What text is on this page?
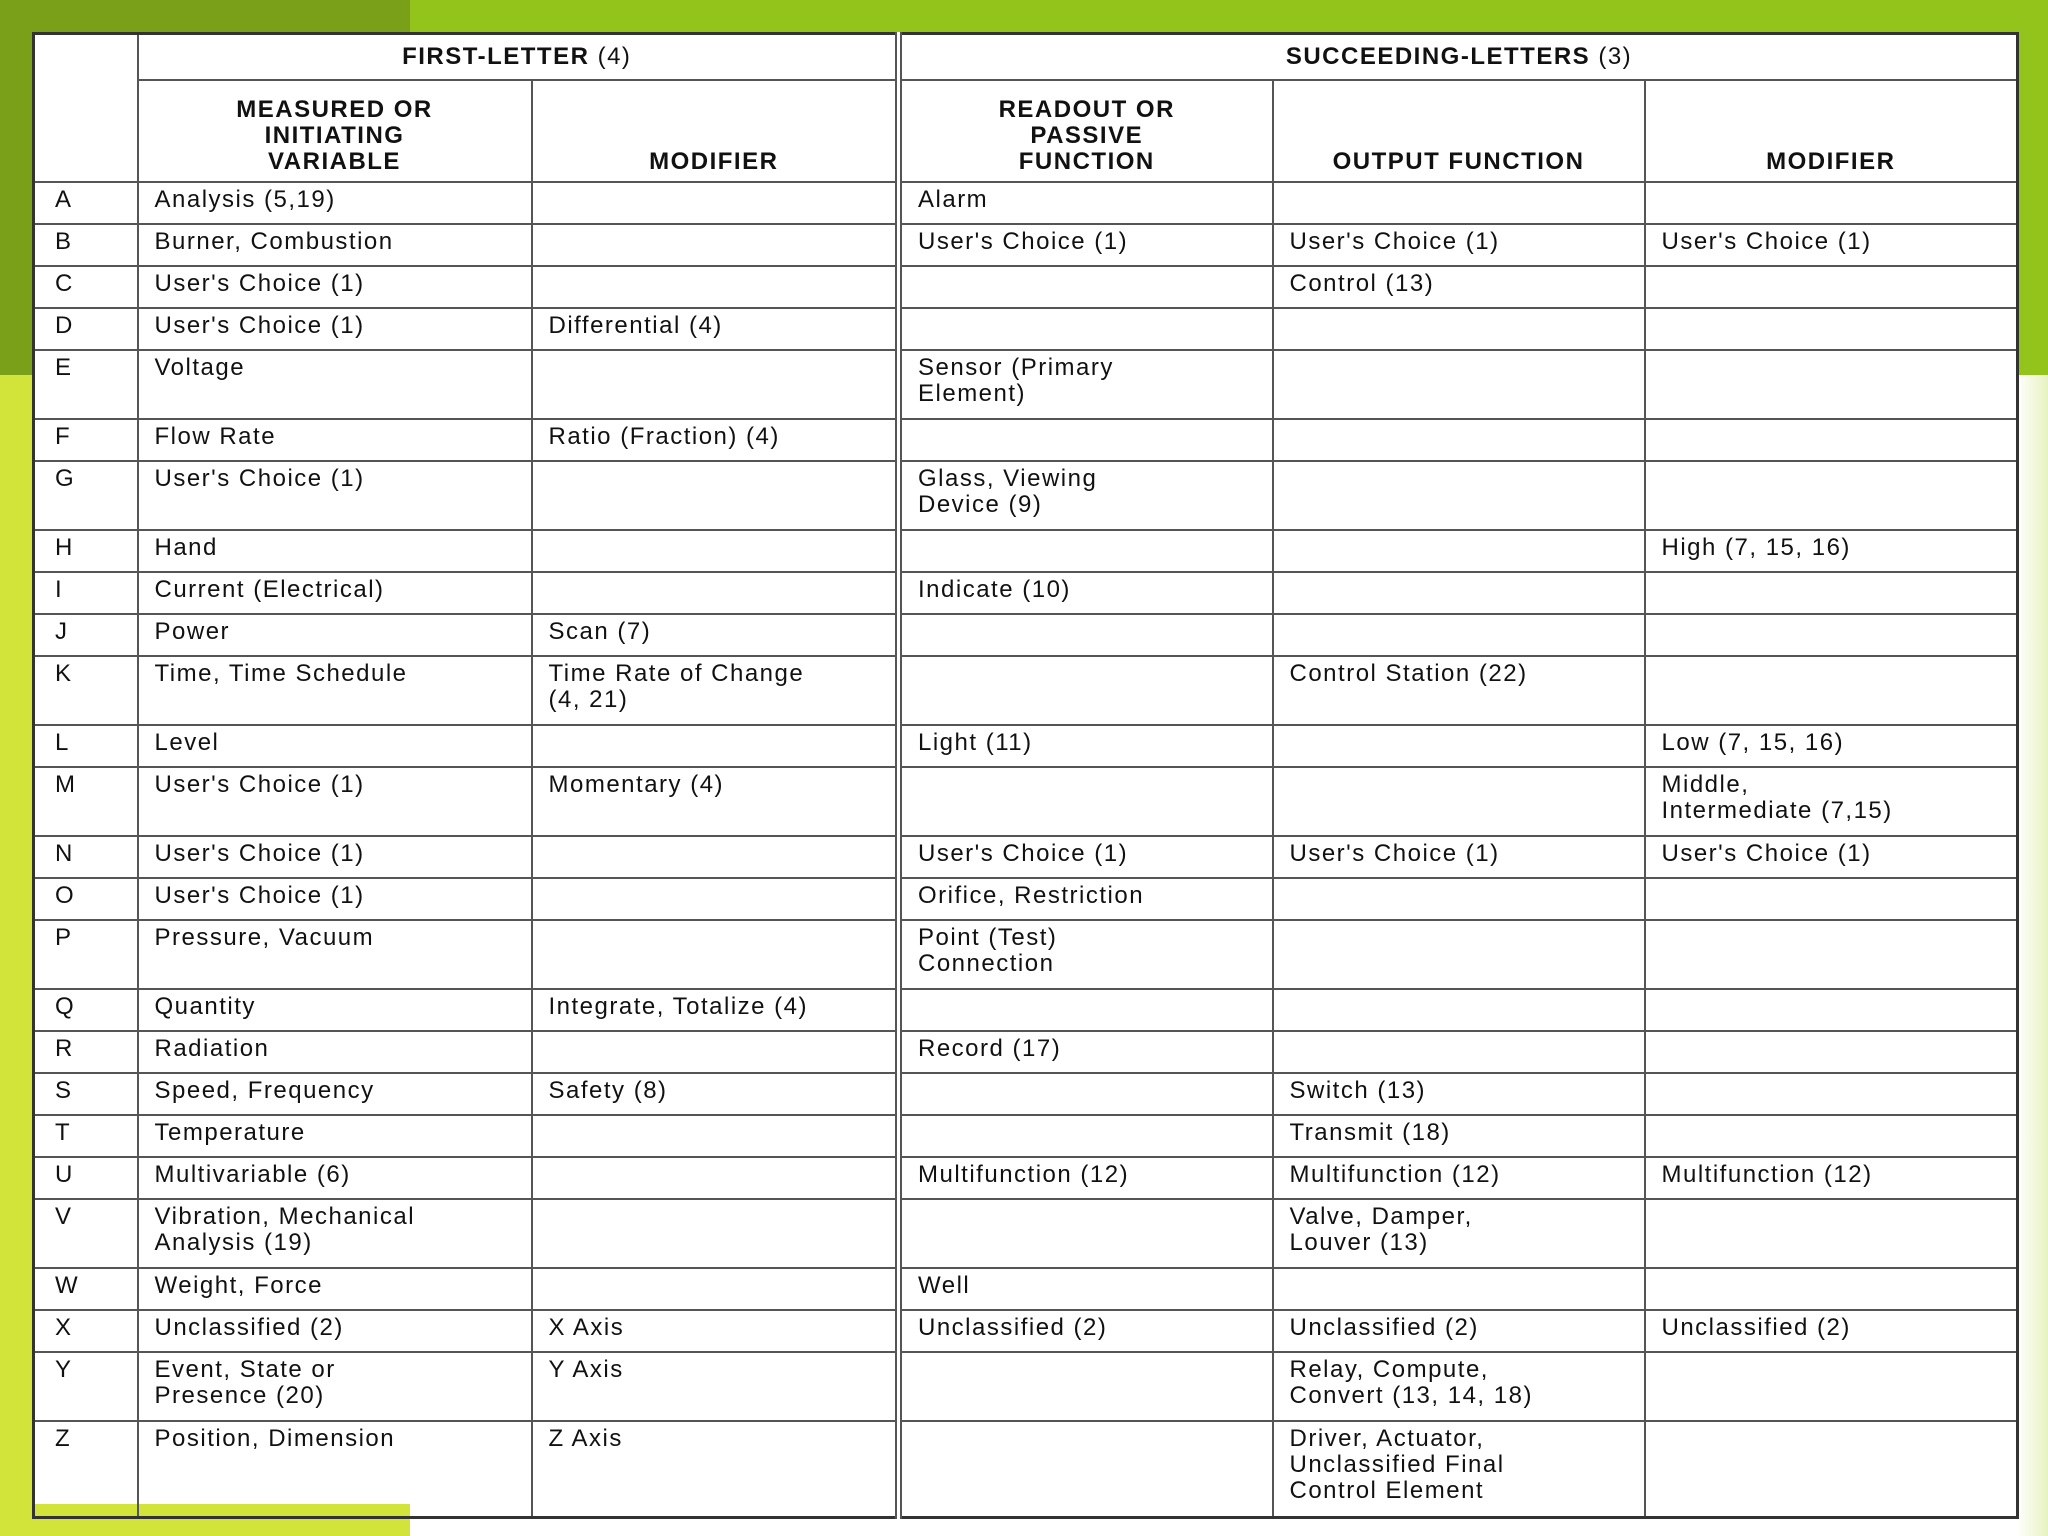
	FIRST-LETTER (4)		SUCCEEDING-LETTERS (3)		
	MEASURED OR
INITIATING
VARIABLE	MODIFIER	READOUT OR
PASSIVE
FUNCTION	OUTPUT FUNCTION	MODIFIER
A	Analysis (5,19)		Alarm		
B	Burner, Combustion		User's Choice (1)	User's Choice (1)	User's Choice (1)
C	User's Choice (1)			Control (13)	
D	User's Choice (1)	Differential (4)			
E	Voltage		Sensor (Primary
Element)		
F	Flow Rate	Ratio (Fraction) (4)			
G	User's Choice (1)		Glass, Viewing
Device (9)		
H	Hand				High (7, 15, 16)
I	Current (Electrical)		Indicate (10)		
J	Power	Scan (7)			
K	Time, Time Schedule	Time Rate of Change
(4, 21)		Control Station (22)	
L	Level		Light (11)		Low (7, 15, 16)
M	User's Choice (1)	Momentary (4)			Middle,
Intermediate (7,15)
N	User's Choice (1)		User's Choice (1)	User's Choice (1)	User's Choice (1)
O	User's Choice (1)		Orifice, Restriction		
P	Pressure, Vacuum		Point (Test)
Connection		
Q	Quantity	Integrate, Totalize (4)			
R	Radiation		Record (17)		
S	Speed, Frequency	Safety (8)		Switch (13)	
T	Temperature			Transmit (18)	
U	Multivariable (6)		Multifunction (12)	Multifunction (12)	Multifunction (12)
V	Vibration, Mechanical
Analysis (19)			Valve, Damper,
Louver (13)	
W	Weight, Force		Well		
X	Unclassified (2)	X Axis	Unclassified (2)	Unclassified (2)	Unclassified (2)
Y	Event, State or
Presence (20)	Y Axis		Relay, Compute,
Convert (13, 14, 18)	
Z	Position, Dimension	Z Axis		Driver, Actuator,
Unclassified Final
Control Element	
